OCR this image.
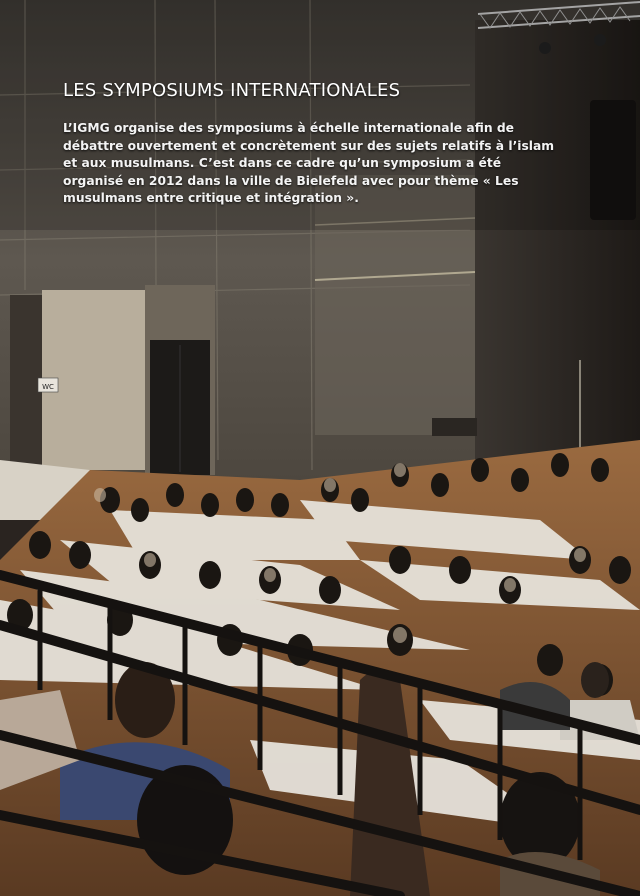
WC
LES SYMPOSIUMS INTERNATIONALES

L’IGMG organise des symposiums à échelle internationale afin de débattre ouvertement et concrètement sur des sujets relatifs à l’islam et aux musulmans. C’est dans ce cadre qu’un symposium a été organisé en 2012 dans la ville de Bielefeld avec pour thème « Les musulmans entre critique et intégration ».
